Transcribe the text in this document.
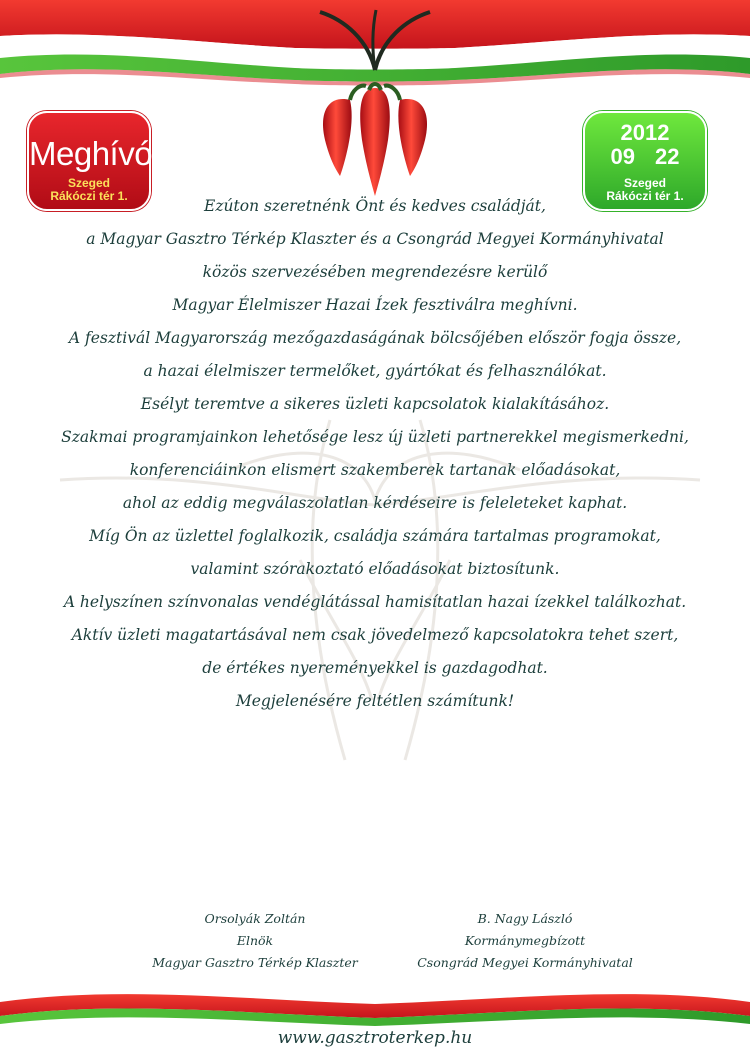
Meghívó
Szeged
Rákóczi tér 1.
2012
09 22
Szeged
Rákóczi tér 1.
Ezúton szeretnénk Önt és kedves családját,
a Magyar Gasztro Térkép Klaszter és a Csongrád Megyei Kormányhivatal
közös szervezésében megrendezésre kerülő
Magyar Élelmiszer Hazai Ízek fesztiválra meghívni.
A fesztivál Magyarország mezőgazdaságának bölcsőjében először fogja össze,
a hazai élelmiszer termelőket, gyártókat és felhasználókat.
Esélyt teremtve a sikeres üzleti kapcsolatok kialakításához.
Szakmai programjainkon lehetősége lesz új üzleti partnerekkel megismerkedni,
konferenciáinkon elismert szakemberek tartanak előadásokat,
ahol az eddig megválaszolatlan kérdéseire is feleleteket kaphat.
Míg Ön az üzlettel foglalkozik, családja számára tartalmas programokat,
valamint szórakoztató előadásokat biztosítunk.
A helyszínen színvonalas vendéglátással hamisítatlan hazai ízekkel találkozhat.
Aktív üzleti magatartásával nem csak jövedelmező kapcsolatokra tehet szert,
de értékes nyereményekkel is gazdagodhat.
Megjelenésére feltétlen számítunk!
Orsolyák Zoltán
Elnök
Magyar Gasztro Térkép Klaszter
B. Nagy László
Kormánymegbízott
Csongrád Megyei Kormányhivatal
www.gasztroterkep.hu
